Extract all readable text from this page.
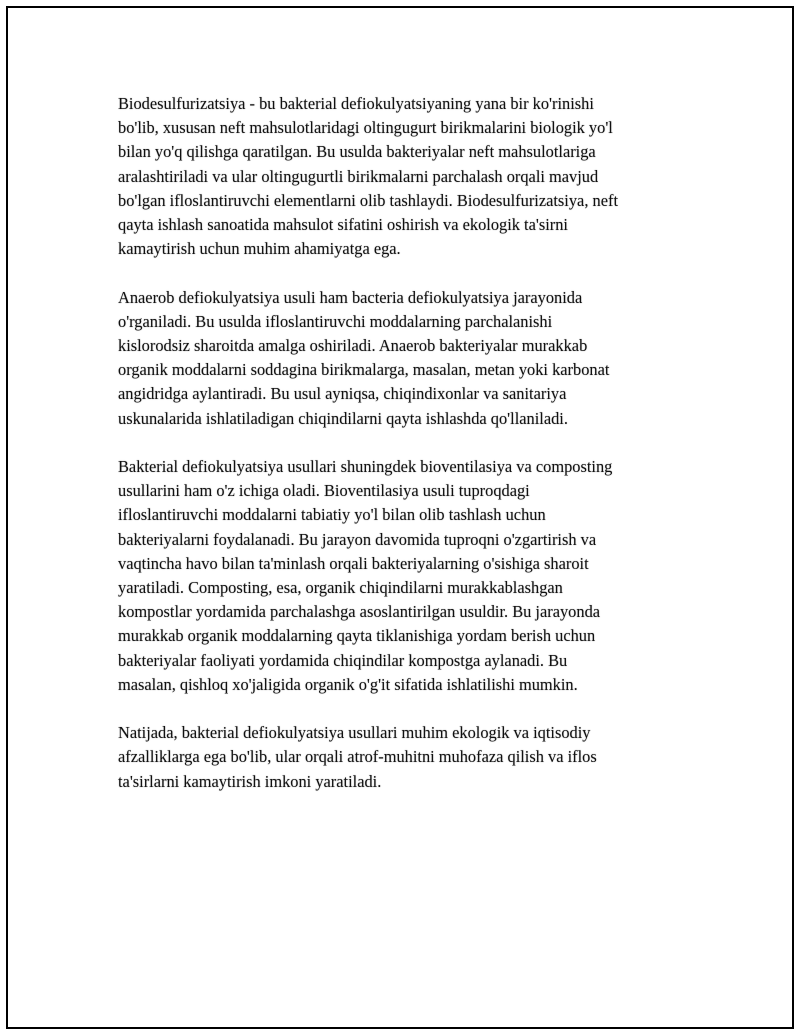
Biodesulfurizatsiya - bu bakterial defiokulyatsiyaning yana bir ko'rinishi
bo'lib, xususan neft mahsulotlaridagi oltingugurt birikmalarini biologik yo'l
bilan yo'q qilishga qaratilgan. Bu usulda bakteriyalar neft mahsulotlariga
aralashtiriladi va ular oltingugurtli birikmalarni parchalash orqali mavjud
bo'lgan ifloslantiruvchi elementlarni olib tashlaydi. Biodesulfurizatsiya, neft
qayta ishlash sanoatida mahsulot sifatini oshirish va ekologik ta'sirni
kamaytirish uchun muhim ahamiyatga ega.

Anaerob defiokulyatsiya usuli ham bacteria defiokulyatsiya jarayonida
o'rganiladi. Bu usulda ifloslantiruvchi moddalarning parchalanishi
kislorodsiz sharoitda amalga oshiriladi. Anaerob bakteriyalar murakkab
organik moddalarni soddagina birikmalarga, masalan, metan yoki karbonat
angidridga aylantiradi. Bu usul ayniqsa, chiqindixonlar va sanitariya
uskunalarida ishlatiladigan chiqindilarni qayta ishlashda qo'llaniladi.

Bakterial defiokulyatsiya usullari shuningdek bioventilasiya va composting
usullarini ham o'z ichiga oladi. Bioventilasiya usuli tuproqdagi
ifloslantiruvchi moddalarni tabiatiy yo'l bilan olib tashlash uchun
bakteriyalarni foydalanadi. Bu jarayon davomida tuproqni o'zgartirish va
vaqtincha havo bilan ta'minlash orqali bakteriyalarning o'sishiga sharoit
yaratiladi. Composting, esa, organik chiqindilarni murakkablashgan
kompostlar yordamida parchalashga asoslantirilgan usuldir. Bu jarayonda
murakkab organik moddalarning qayta tiklanishiga yordam berish uchun
bakteriyalar faoliyati yordamida chiqindilar kompostga aylanadi. Bu
masalan, qishloq xo'jaligida organik o'g'it sifatida ishlatilishi mumkin.

Natijada, bakterial defiokulyatsiya usullari muhim ekologik va iqtisodiy
afzalliklarga ega bo'lib, ular orqali atrof-muhitni muhofaza qilish va iflos
ta'sirlarni kamaytirish imkoni yaratiladi.
